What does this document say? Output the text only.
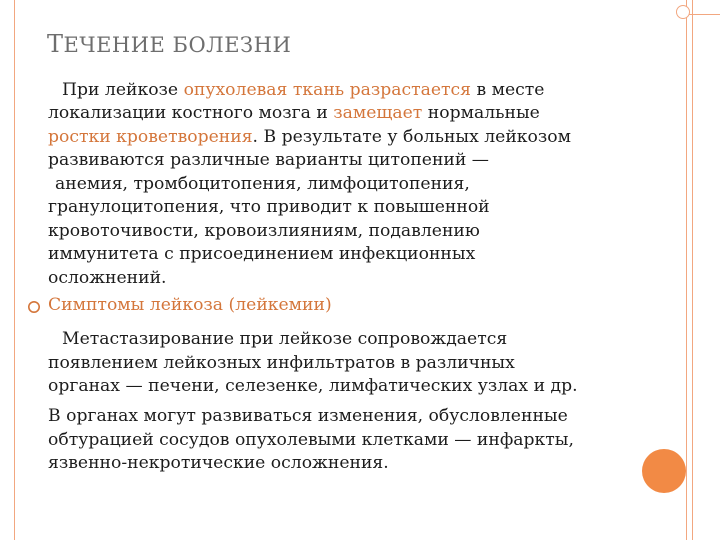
ТЕЧЕНИЕ БОЛЕЗНИ
При лейкозе опухолевая ткань разрастается в месте
локализации костного мозга и замещает нормальные
ростки кроветворения. В результате у больных лейкозом
развиваются различные варианты цитопений —
анемия, тромбоцитопения, лимфоцитопения,
гранулоцитопения, что приводит к повышенной
кровоточивости, кровоизлияниям, подавлению
иммунитета с присоединением инфекционных
осложнений.
Симптомы лейкоза (лейкемии)
Метастазирование при лейкозе сопровождается
появлением лейкозных инфильтратов в различных
органах — печени, селезенке, лимфатических узлах и др.
В органах могут развиваться изменения, обусловленные
обтурацией сосудов опухолевыми клетками — инфаркты,
язвенно-некротические осложнения.
